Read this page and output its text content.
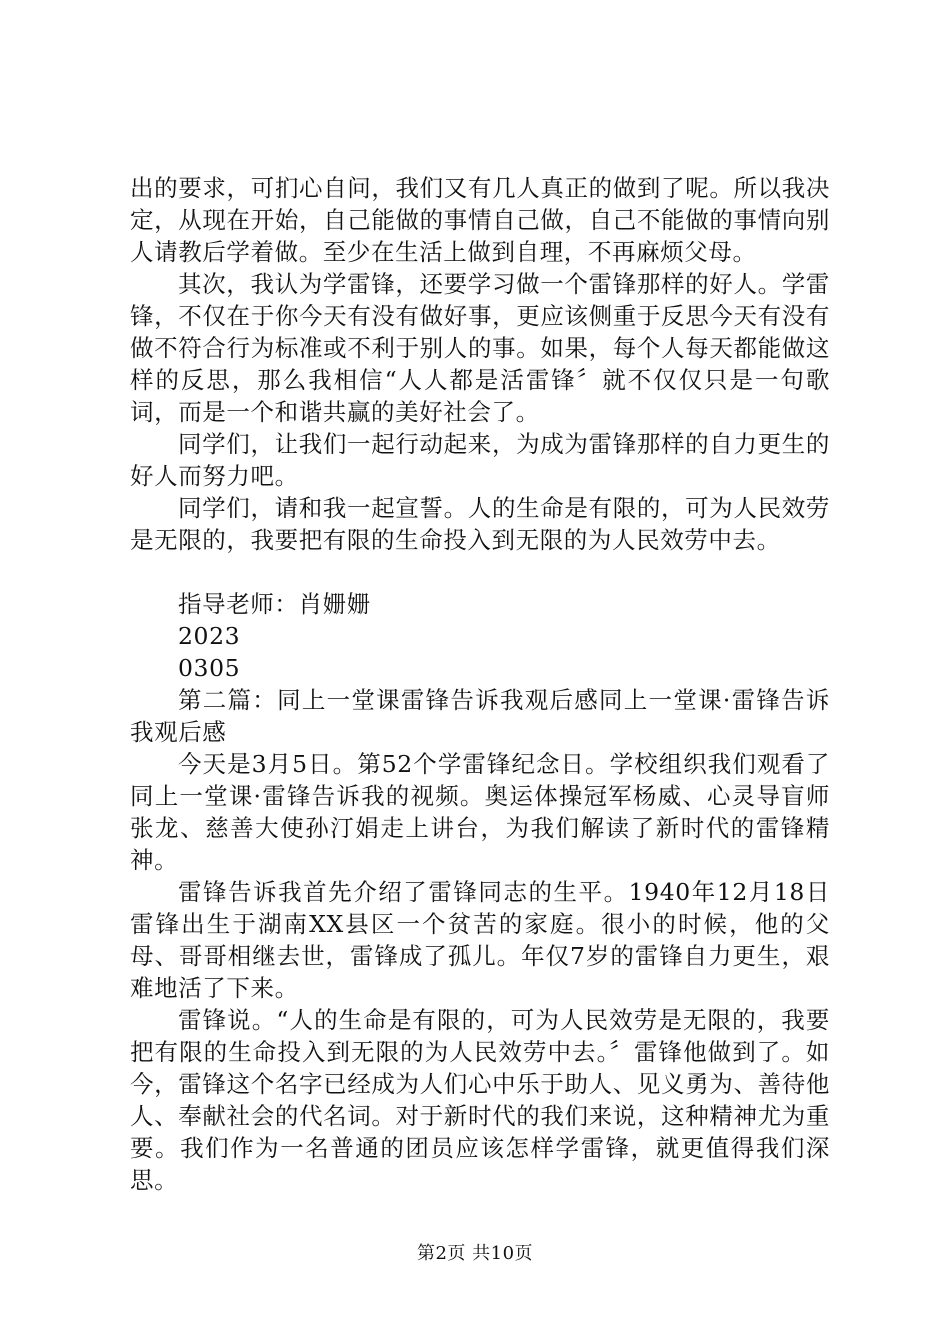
出的要求，可扪心自问，我们又有几人真正的做到了呢。所以我决定，从现在开始，自己能做的事情自己做，自己不能做的事情向别人请教后学着做。至少在生活上做到自理，不再麻烦父母。

其次，我认为学雷锋，还要学习做一个雷锋那样的好人。学雷锋，不仅在于你今天有没有做好事，更应该侧重于反思今天有没有做不符合行为标准或不利于别人的事。如果，每个人每天都能做这样的反思，那么我相信“人人都是活雷锋〞就不仅仅只是一句歌词，而是一个和谐共赢的美好社会了。

同学们，让我们一起行动起来，为成为雷锋那样的自力更生的好人而努力吧。

同学们，请和我一起宣誓。人的生命是有限的，可为人民效劳是无限的，我要把有限的生命投入到无限的为人民效劳中去。

指导老师：肖姗姗

2023

0305

第二篇：同上一堂课雷锋告诉我观后感同上一堂课·雷锋告诉我观后感

今天是3月5日。第52个学雷锋纪念日。学校组织我们观看了同上一堂课·雷锋告诉我的视频。奥运体操冠军杨威、心灵导盲师张龙、慈善大使孙汀娟走上讲台，为我们解读了新时代的雷锋精神。

雷锋告诉我首先介绍了雷锋同志的生平。1940年12月18日雷锋出生于湖南XX县区一个贫苦的家庭。很小的时候，他的父母、哥哥相继去世，雷锋成了孤儿。年仅7岁的雷锋自力更生，艰难地活了下来。

雷锋说。“人的生命是有限的，可为人民效劳是无限的，我要把有限的生命投入到无限的为人民效劳中去。〞雷锋他做到了。如今，雷锋这个名字已经成为人们心中乐于助人、见义勇为、善待他人、奉献社会的代名词。对于新时代的我们来说，这种精神尤为重要。我们作为一名普通的团员应该怎样学雷锋，就更值得我们深思。

第2页 共10页
